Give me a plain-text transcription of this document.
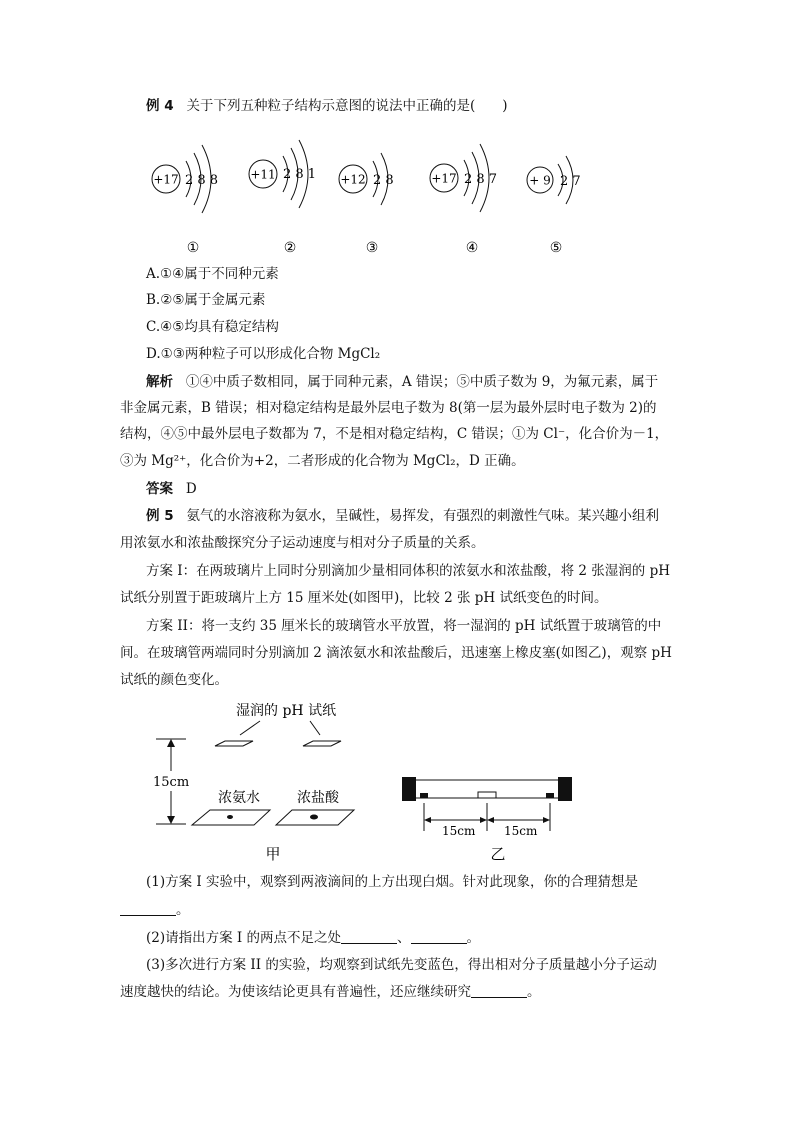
例 4 关于下列五种粒子结构示意图的说法中正确的是(　　)
+17 2 8 8
①
+11 2 8 1
②
+12 2 8
③
+17 2 8 7
④
+ 9 2 7
⑤
A.①④属于不同种元素
B.②⑤属于金属元素
C.④⑤均具有稳定结构
D.①③两种粒子可以形成化合物 MgCl₂
解析 ①④中质子数相同，属于同种元素，A 错误；⑤中质子数为 9，为氟元素，属于
非金属元素，B 错误；相对稳定结构是最外层电子数为 8(第一层为最外层时电子数为 2)的
结构，④⑤中最外层电子数都为 7，不是相对稳定结构，C 错误；①为 Cl⁻，化合价为－1，
③为 Mg²⁺，化合价为+2，二者形成的化合物为 MgCl₂，D 正确。
答案 D
例 5 氨气的水溶液称为氨水，呈碱性，易挥发，有强烈的刺激性气味。某兴趣小组利
用浓氨水和浓盐酸探究分子运动速度与相对分子质量的关系。
方案 I：在两玻璃片上同时分别滴加少量相同体积的浓氨水和浓盐酸，将 2 张湿润的 pH
试纸分别置于距玻璃片上方 15 厘米处(如图甲)，比较 2 张 pH 试纸变色的时间。
方案 II：将一支约 35 厘米长的玻璃管水平放置，将一湿润的 pH 试纸置于玻璃管的中
间。在玻璃管两端同时分别滴加 2 滴浓氨水和浓盐酸后，迅速塞上橡皮塞(如图乙)，观察 pH
试纸的颜色变化。
湿润的 pH 试纸
15cm
浓氨水	浓盐酸
甲
15cm 15cm
乙
(1)方案 I 实验中，观察到两液滴间的上方出现白烟。针对此现象，你的合理猜想是
。
(2)请指出方案 I 的两点不足之处	、	。
(3)多次进行方案 II 的实验，均观察到试纸先变蓝色，得出相对分子质量越小分子运动
速度越快的结论。为使该结论更具有普遍性，还应继续研究	。
